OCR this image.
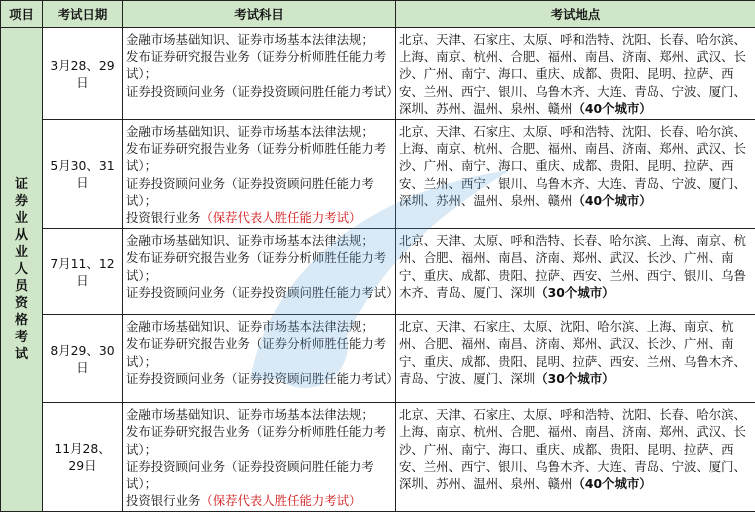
项目	考试日期	考试科目	考试地点
证券业从业人员资格考试	3月28、29日	金融市场基础知识、证券市场基本法律法规；
发布证券研究报告业务（证券分析师胜任能力考试）；
证券投资顾问业务（证券投资顾问胜任能力考试）	北京、天津、石家庄、太原、呼和浩特、沈阳、长春、哈尔滨、上海、南京、杭州、合肥、福州、南昌、济南、郑州、武汉、长沙、广州、南宁、海口、重庆、成都、贵阳、昆明、拉萨、西安、兰州、西宁、银川、乌鲁木齐、大连、青岛、宁波、厦门、深圳、苏州、温州、泉州、赣州（40个城市）
	5月30、31日	金融市场基础知识、证券市场基本法律法规；
发布证券研究报告业务（证券分析师胜任能力考试）；
证券投资顾问业务（证券投资顾问胜任能力考试）；
投资银行业务（保荐代表人胜任能力考试）	北京、天津、石家庄、太原、呼和浩特、沈阳、长春、哈尔滨、上海、南京、杭州、合肥、福州、南昌、济南、郑州、武汉、长沙、广州、南宁、海口、重庆、成都、贵阳、昆明、拉萨、西安、兰州、西宁、银川、乌鲁木齐、大连、青岛、宁波、厦门、深圳、苏州、温州、泉州、赣州（40个城市）
	7月11、12日	金融市场基础知识、证券市场基本法律法规；
发布证券研究报告业务（证券分析师胜任能力考试）；
证券投资顾问业务（证券投资顾问胜任能力考试）	北京、天津、太原、呼和浩特、长春、哈尔滨、上海、南京、杭州、合肥、福州、南昌、济南、郑州、武汉、长沙、广州、南宁、重庆、成都、贵阳、拉萨、西安、兰州、西宁、银川、乌鲁木齐、青岛、厦门、深圳（30个城市）
	8月29、30日	金融市场基础知识、证券市场基本法律法规；
发布证券研究报告业务（证券分析师胜任能力考试）；
证券投资顾问业务（证券投资顾问胜任能力考试）	北京、天津、石家庄、太原、沈阳、哈尔滨、上海、南京、杭州、合肥、福州、南昌、济南、郑州、武汉、长沙、广州、南宁、重庆、成都、贵阳、昆明、拉萨、西安、兰州、乌鲁木齐、青岛、宁波、厦门、深圳（30个城市）
	11月28、29日	金融市场基础知识、证券市场基本法律法规；
发布证券研究报告业务（证券分析师胜任能力考试）；
证券投资顾问业务（证券投资顾问胜任能力考试）；
投资银行业务（保荐代表人胜任能力考试）	北京、天津、石家庄、太原、呼和浩特、沈阳、长春、哈尔滨、上海、南京、杭州、合肥、福州、南昌、济南、郑州、武汉、长沙、广州、南宁、海口、重庆、成都、贵阳、昆明、拉萨、西安、兰州、西宁、银川、乌鲁木齐、大连、青岛、宁波、厦门、深圳、苏州、温州、泉州、赣州（40个城市）
